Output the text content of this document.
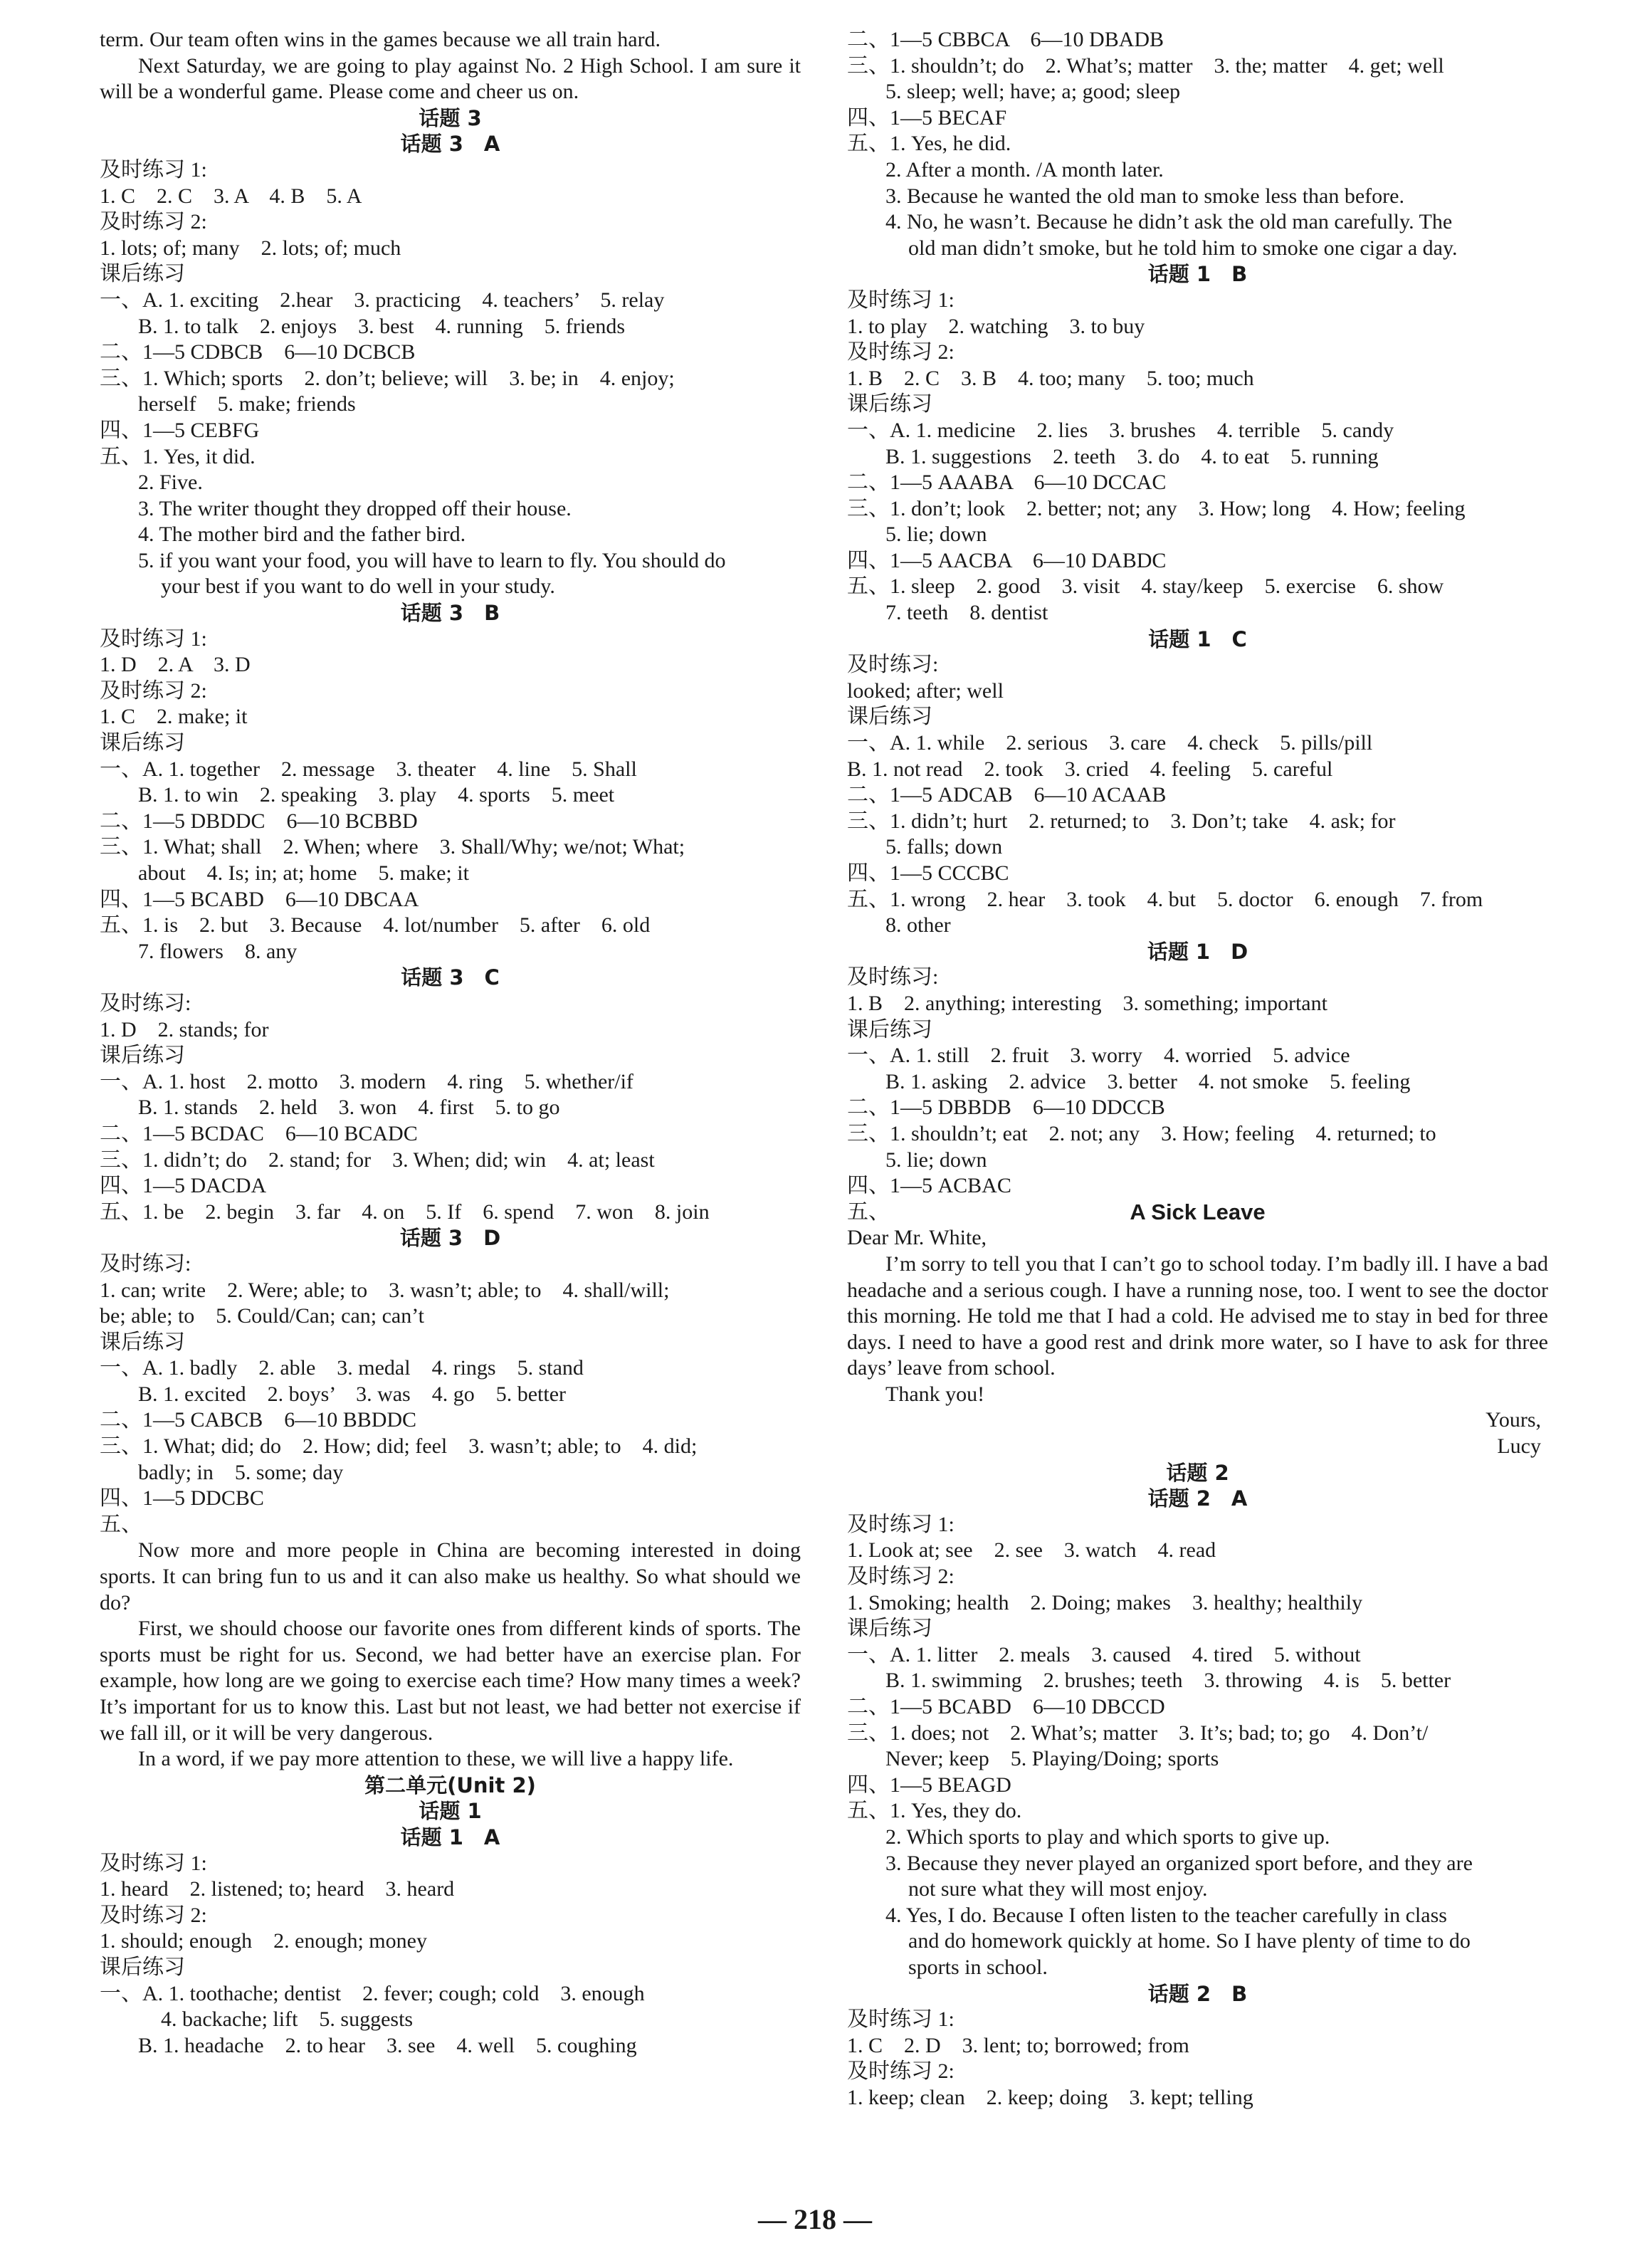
term. Our team often wins in the games because we all train hard.
Next Saturday, we are going to play against No. 2 High School. I am sure it will be a wonderful game. Please come and cheer us on.
话题 3
话题 3　A
及时练习 1:
1. C　2. C　3. A　4. B　5. A
及时练习 2:
1. lots; of; many　2. lots; of; much
课后练习
一、A. 1. exciting　2.hear　3. practicing　4. teachers’　5. relay
B. 1. to talk　2. enjoys　3. best　4. running　5. friends
二、1—5 CDBCB　6—10 DCBCB
三、1. Which; sports　2. don’t; believe; will　3. be; in　4. enjoy;
herself　5. make; friends
四、1—5 CEBFG
五、1. Yes, it did.
2. Five.
3. The writer thought they dropped off their house.
4. The mother bird and the father bird.
5. if you want your food, you will have to learn to fly. You should do
your best if you want to do well in your study.
话题 3　B
及时练习 1:
1. D　2. A　3. D
及时练习 2:
1. C　2. make; it
课后练习
一、A. 1. together　2. message　3. theater　4. line　5. Shall
B. 1. to win　2. speaking　3. play　4. sports　5. meet
二、1—5 DBDDC　6—10 BCBBD
三、1. What; shall　2. When; where　3. Shall/Why; we/not; What;
about　4. Is; in; at; home　5. make; it
四、1—5 BCABD　6—10 DBCAA
五、1. is　2. but　3. Because　4. lot/number　5. after　6. old
7. flowers　8. any
话题 3　C
及时练习:
1. D　2. stands; for
课后练习
一、A. 1. host　2. motto　3. modern　4. ring　5. whether/if
B. 1. stands　2. held　3. won　4. first　5. to go
二、1—5 BCDAC　6—10 BCADC
三、1. didn’t; do　2. stand; for　3. When; did; win　4. at; least
四、1—5 DACDA
五、1. be　2. begin　3. far　4. on　5. If　6. spend　7. won　8. join
话题 3　D
及时练习:
1. can; write　2. Were; able; to　3. wasn’t; able; to　4. shall/will;
be; able; to　5. Could/Can; can; can’t
课后练习
一、A. 1. badly　2. able　3. medal　4. rings　5. stand
B. 1. excited　2. boys’　3. was　4. go　5. better
二、1—5 CABCB　6—10 BBDDC
三、1. What; did; do　2. How; did; feel　3. wasn’t; able; to　4. did;
badly; in　5. some; day
四、1—5 DDCBC
五、
Now more and more people in China are becoming interested in doing sports. It can bring fun to us and it can also make us healthy. So what should we do?
First, we should choose our favorite ones from different kinds of sports. The sports must be right for us. Second, we had better have an exercise plan. For example, how long are we going to exercise each time? How many times a week? It’s important for us to know this. Last but not least, we had better not exercise if we fall ill, or it will be very dangerous.
In a word, if we pay more attention to these, we will live a happy life.
第二单元(Unit 2)
话题 1
话题 1　A
及时练习 1:
1. heard　2. listened; to; heard　3. heard
及时练习 2:
1. should; enough　2. enough; money
课后练习
一、A. 1. toothache; dentist　2. fever; cough; cold　3. enough
4. backache; lift　5. suggests
B. 1. headache　2. to hear　3. see　4. well　5. coughing
二、1—5 CBBCA　6—10 DBADB
三、1. shouldn’t; do　2. What’s; matter　3. the; matter　4. get; well
5. sleep; well; have; a; good; sleep
四、1—5 BECAF
五、1. Yes, he did.
2. After a month. /A month later.
3. Because he wanted the old man to smoke less than before.
4. No, he wasn’t. Because he didn’t ask the old man carefully. The
old man didn’t smoke, but he told him to smoke one cigar a day.
话题 1　B
及时练习 1:
1. to play　2. watching　3. to buy
及时练习 2:
1. B　2. C　3. B　4. too; many　5. too; much
课后练习
一、A. 1. medicine　2. lies　3. brushes　4. terrible　5. candy
B. 1. suggestions　2. teeth　3. do　4. to eat　5. running
二、1—5 AAABA　6—10 DCCAC
三、1. don’t; look　2. better; not; any　3. How; long　4. How; feeling
5. lie; down
四、1—5 AACBA　6—10 DABDC
五、1. sleep　2. good　3. visit　4. stay/keep　5. exercise　6. show
7. teeth　8. dentist
话题 1　C
及时练习:
looked; after; well
课后练习
一、A. 1. while　2. serious　3. care　4. check　5. pills/pill
B. 1. not read　2. took　3. cried　4. feeling　5. careful
二、1—5 ADCAB　6—10 ACAAB
三、1. didn’t; hurt　2. returned; to　3. Don’t; take　4. ask; for
5. falls; down
四、1—5 CCCBC
五、1. wrong　2. hear　3. took　4. but　5. doctor　6. enough　7. from
8. other
话题 1　D
及时练习:
1. B　2. anything; interesting　3. something; important
课后练习
一、A. 1. still　2. fruit　3. worry　4. worried　5. advice
B. 1. asking　2. advice　3. better　4. not smoke　5. feeling
二、1—5 DBBDB　6—10 DDCCB
三、1. shouldn’t; eat　2. not; any　3. How; feeling　4. returned; to
5. lie; down
四、1—5 ACBAC
五、	A Sick Leave
Dear Mr. White,
I’m sorry to tell you that I can’t go to school today. I’m badly ill. I have a bad headache and a serious cough. I have a running nose, too. I went to see the doctor this morning. He told me that I had a cold. He advised me to stay in bed for three days. I need to have a good rest and drink more water, so I have to ask for three days’ leave from school.
Thank you!
Yours,
Lucy
话题 2
话题 2　A
及时练习 1:
1. Look at; see　2. see　3. watch　4. read
及时练习 2:
1. Smoking; health　2. Doing; makes　3. healthy; healthily
课后练习
一、A. 1. litter　2. meals　3. caused　4. tired　5. without
B. 1. swimming　2. brushes; teeth　3. throwing　4. is　5. better
二、1—5 BCABD　6—10 DBCCD
三、1. does; not　2. What’s; matter　3. It’s; bad; to; go　4. Don’t/
Never; keep　5. Playing/Doing; sports
四、1—5 BEAGD
五、1. Yes, they do.
2. Which sports to play and which sports to give up.
3. Because they never played an organized sport before, and they are
not sure what they will most enjoy.
4. Yes, I do. Because I often listen to the teacher carefully in class
and do homework quickly at home. So I have plenty of time to do
sports in school.
话题 2　B
及时练习 1:
1. C　2. D　3. lent; to; borrowed; from
及时练习 2:
1. keep; clean　2. keep; doing　3. kept; telling
— 218 —
